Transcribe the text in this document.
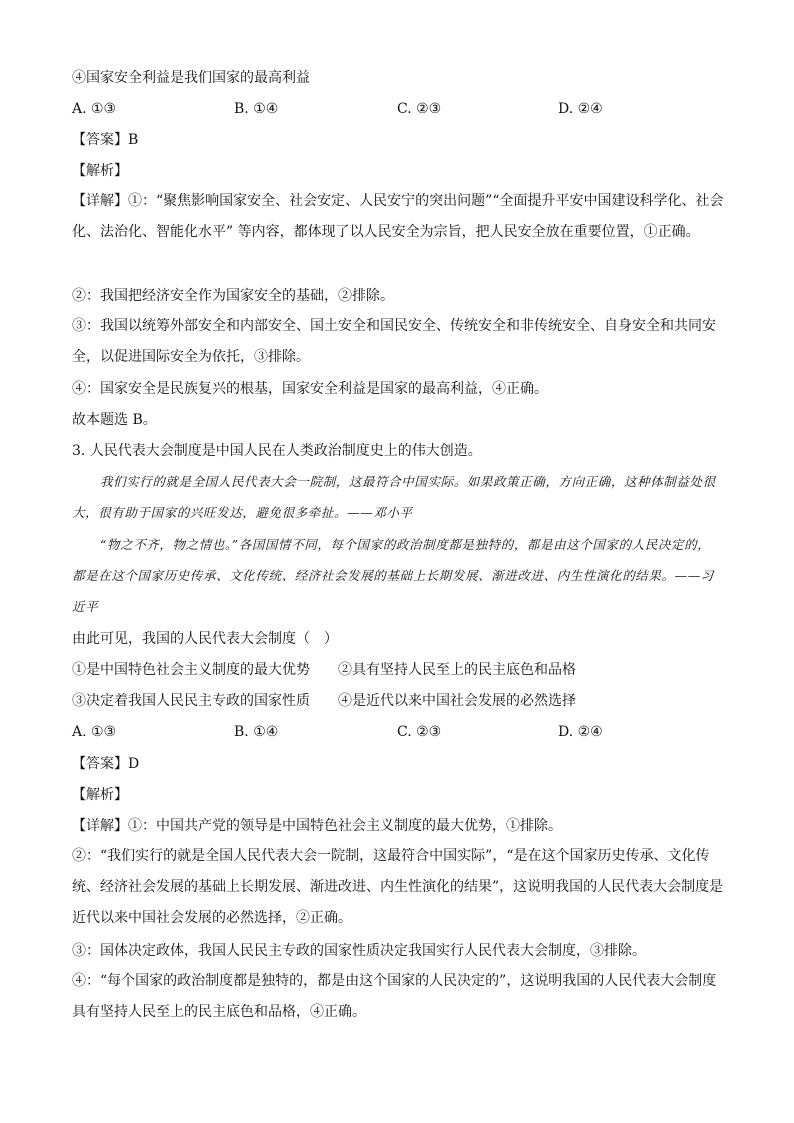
④国家安全利益是我们国家的最高利益
A. ①③	B. ①④	C. ②③	D. ②④
【答案】B
【解析】
【详解】①：“聚焦影响国家安全、社会安定、人民安宁的突出问题”“全面提升平安中国建设科学化、社会化、法治化、智能化水平” 等内容，都体现了以人民安全为宗旨，把人民安全放在重要位置，①正确。
②：我国把经济安全作为国家安全的基础，②排除。
③：我国以统筹外部安全和内部安全、国土安全和国民安全、传统安全和非传统安全、自身安全和共同安全，以促进国际安全为依托，③排除。
④：国家安全是民族复兴的根基，国家安全利益是国家的最高利益，④正确。
故本题选 B。
3. 人民代表大会制度是中国人民在人类政治制度史上的伟大创造。
我们实行的就是全国人民代表大会一院制，这最符合中国实际。如果政策正确，方向正确，这种体制益处很大，很有助于国家的兴旺发达，避免很多牵扯。——邓小平
“物之不齐，物之情也。”各国国情不同，每个国家的政治制度都是独特的，都是由这个国家的人民决定的，都是在这个国家历史传承、文化传统、经济社会发展的基础上长期发展、渐进改进、内生性演化的结果。——习近平
由此可见，我国的人民代表大会制度（　）
①是中国特色社会主义制度的最大优势 ②具有坚持人民至上的民主底色和品格
③决定着我国人民民主专政的国家性质 ④是近代以来中国社会发展的必然选择
A. ①③	B. ①④	C. ②③	D. ②④
【答案】D
【解析】
【详解】①：中国共产党的领导是中国特色社会主义制度的最大优势，①排除。
②：“我们实行的就是全国人民代表大会一院制，这最符合中国实际”，“是在这个国家历史传承、文化传统、经济社会发展的基础上长期发展、渐进改进、内生性演化的结果”，这说明我国的人民代表大会制度是近代以来中国社会发展的必然选择，②正确。
③：国体决定政体，我国人民民主专政的国家性质决定我国实行人民代表大会制度，③排除。
④：“每个国家的政治制度都是独特的，都是由这个国家的人民决定的”，这说明我国的人民代表大会制度具有坚持人民至上的民主底色和品格，④正确。
